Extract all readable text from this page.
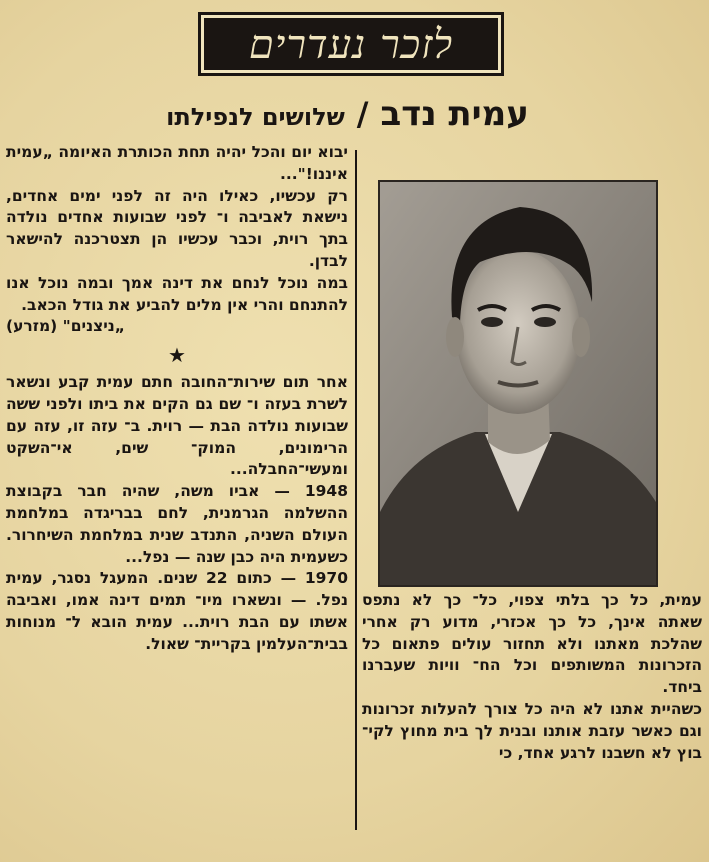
לזכר נעדרים
עמית נדב
/
שלושים לנפילתו

יבוא יום והכל יהיה תחת הכותרת האיומה „עמית איננו!"...

רק עכשיו, כאילו היה זה לפני ימים אחדים, נישאת לאביבה ו־ לפני שבועות אחדים נולדה בתך רוית, וכבר עכשיו הן תצטרכנה להישאר לבדן.

במה נוכל לנחם את דינה אמך ובמה נוכל אנו להתנחם והרי אין מלים להביע את גודל הכאב.

„ניצנים" (מזרע)

★

אחר תום שירות־החובה חתם עמית קבע ונשאר לשרת בעזה ו־ שם גם הקים את ביתו ולפני ששה שבועות נולדה הבת — רוית. ב־ עזה זו, עזה עם הרימונים, המוק־ שים, אי־השקט ומעשי־החבלה...

1948 — אביו משה, שהיה חבר בקבוצת ההשלמה הגרמנית, לחם בבריגדה במלחמת העולם השניה, התנדב שנית במלחמת השיחרור. כשעמית היה כבן שנה — נפל...

1970 — כתום 22 שנים. המעגל נסגר, עמית נפל. — ונשארו מיו־ תמים דינה אמו, ואביבה אשתו עם הבת רוית... עמית הובא ל־ מנוחות בבית־העלמין בקריית־ שאול.

עמית, כל כך בלתי צפוי, כל־ כך לא נתפס שאתה אינך, כל כך אכזרי, מדוע רק אחרי שהלכת מאתנו ולא תחזור עולים פתאום כל הזכרונות המשותפים וכל הח־ וויות שעברנו ביחד.

כשהיית אתנו לא היה כל צורך להעלות זכרונות וגם כאשר עזבת אותנו ובנית לך בית מחוץ לקי־ בוץ לא חשבנו לרגע אחד, כי
